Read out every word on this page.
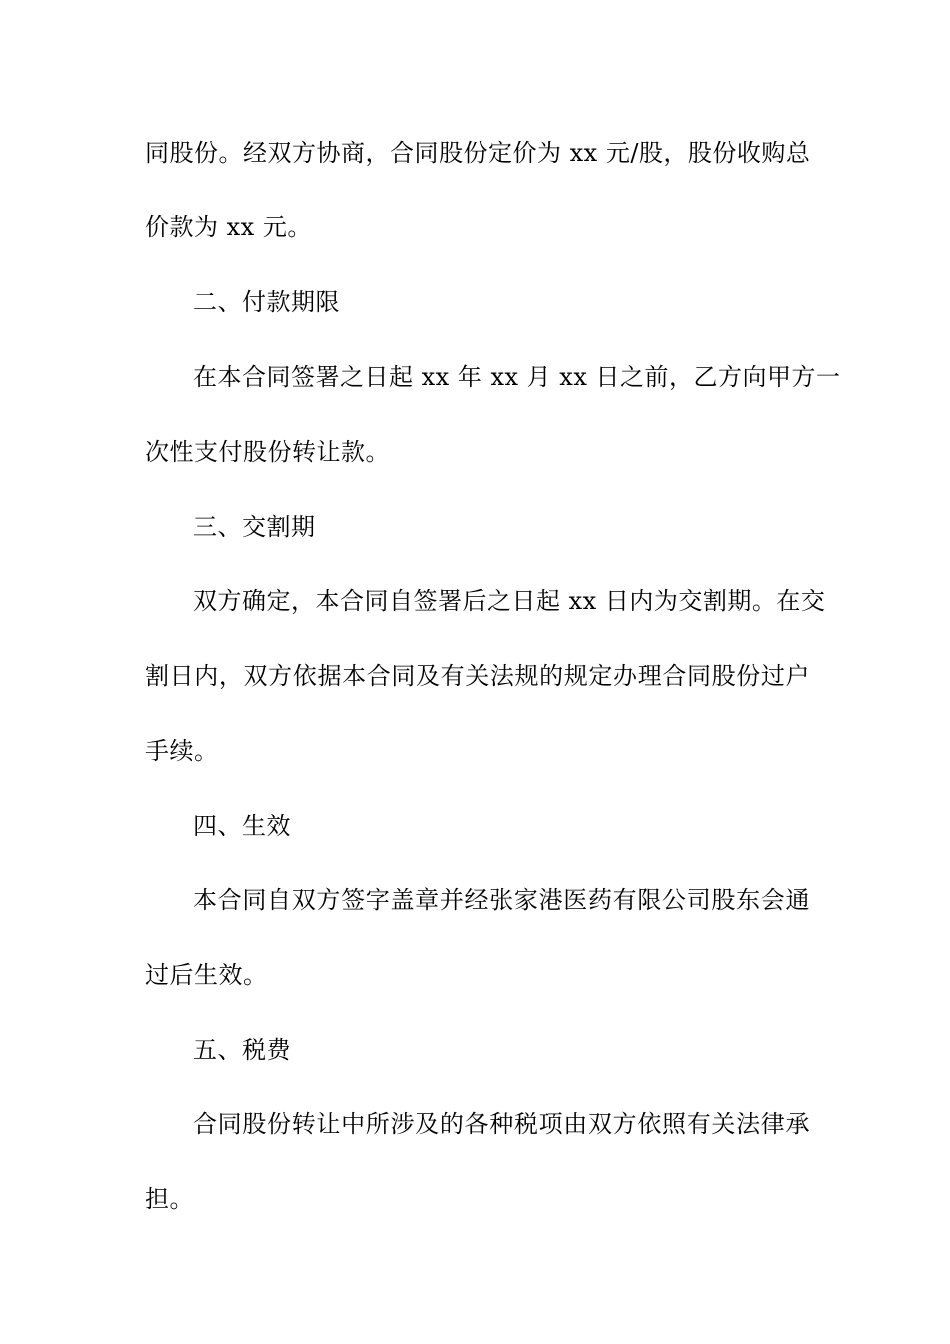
同股份。经双方协商，合同股份定价为 xx 元/股，股份收购总
价款为 xx 元。
二、付款期限
在本合同签署之日起 xx 年 xx 月 xx 日之前，乙方向甲方一
次性支付股份转让款。
三、交割期
双方确定，本合同自签署后之日起 xx 日内为交割期。在交
割日内，双方依据本合同及有关法规的规定办理合同股份过户
手续。
四、生效
本合同自双方签字盖章并经张家港医药有限公司股东会通
过后生效。
五、税费
合同股份转让中所涉及的各种税项由双方依照有关法律承
担。
